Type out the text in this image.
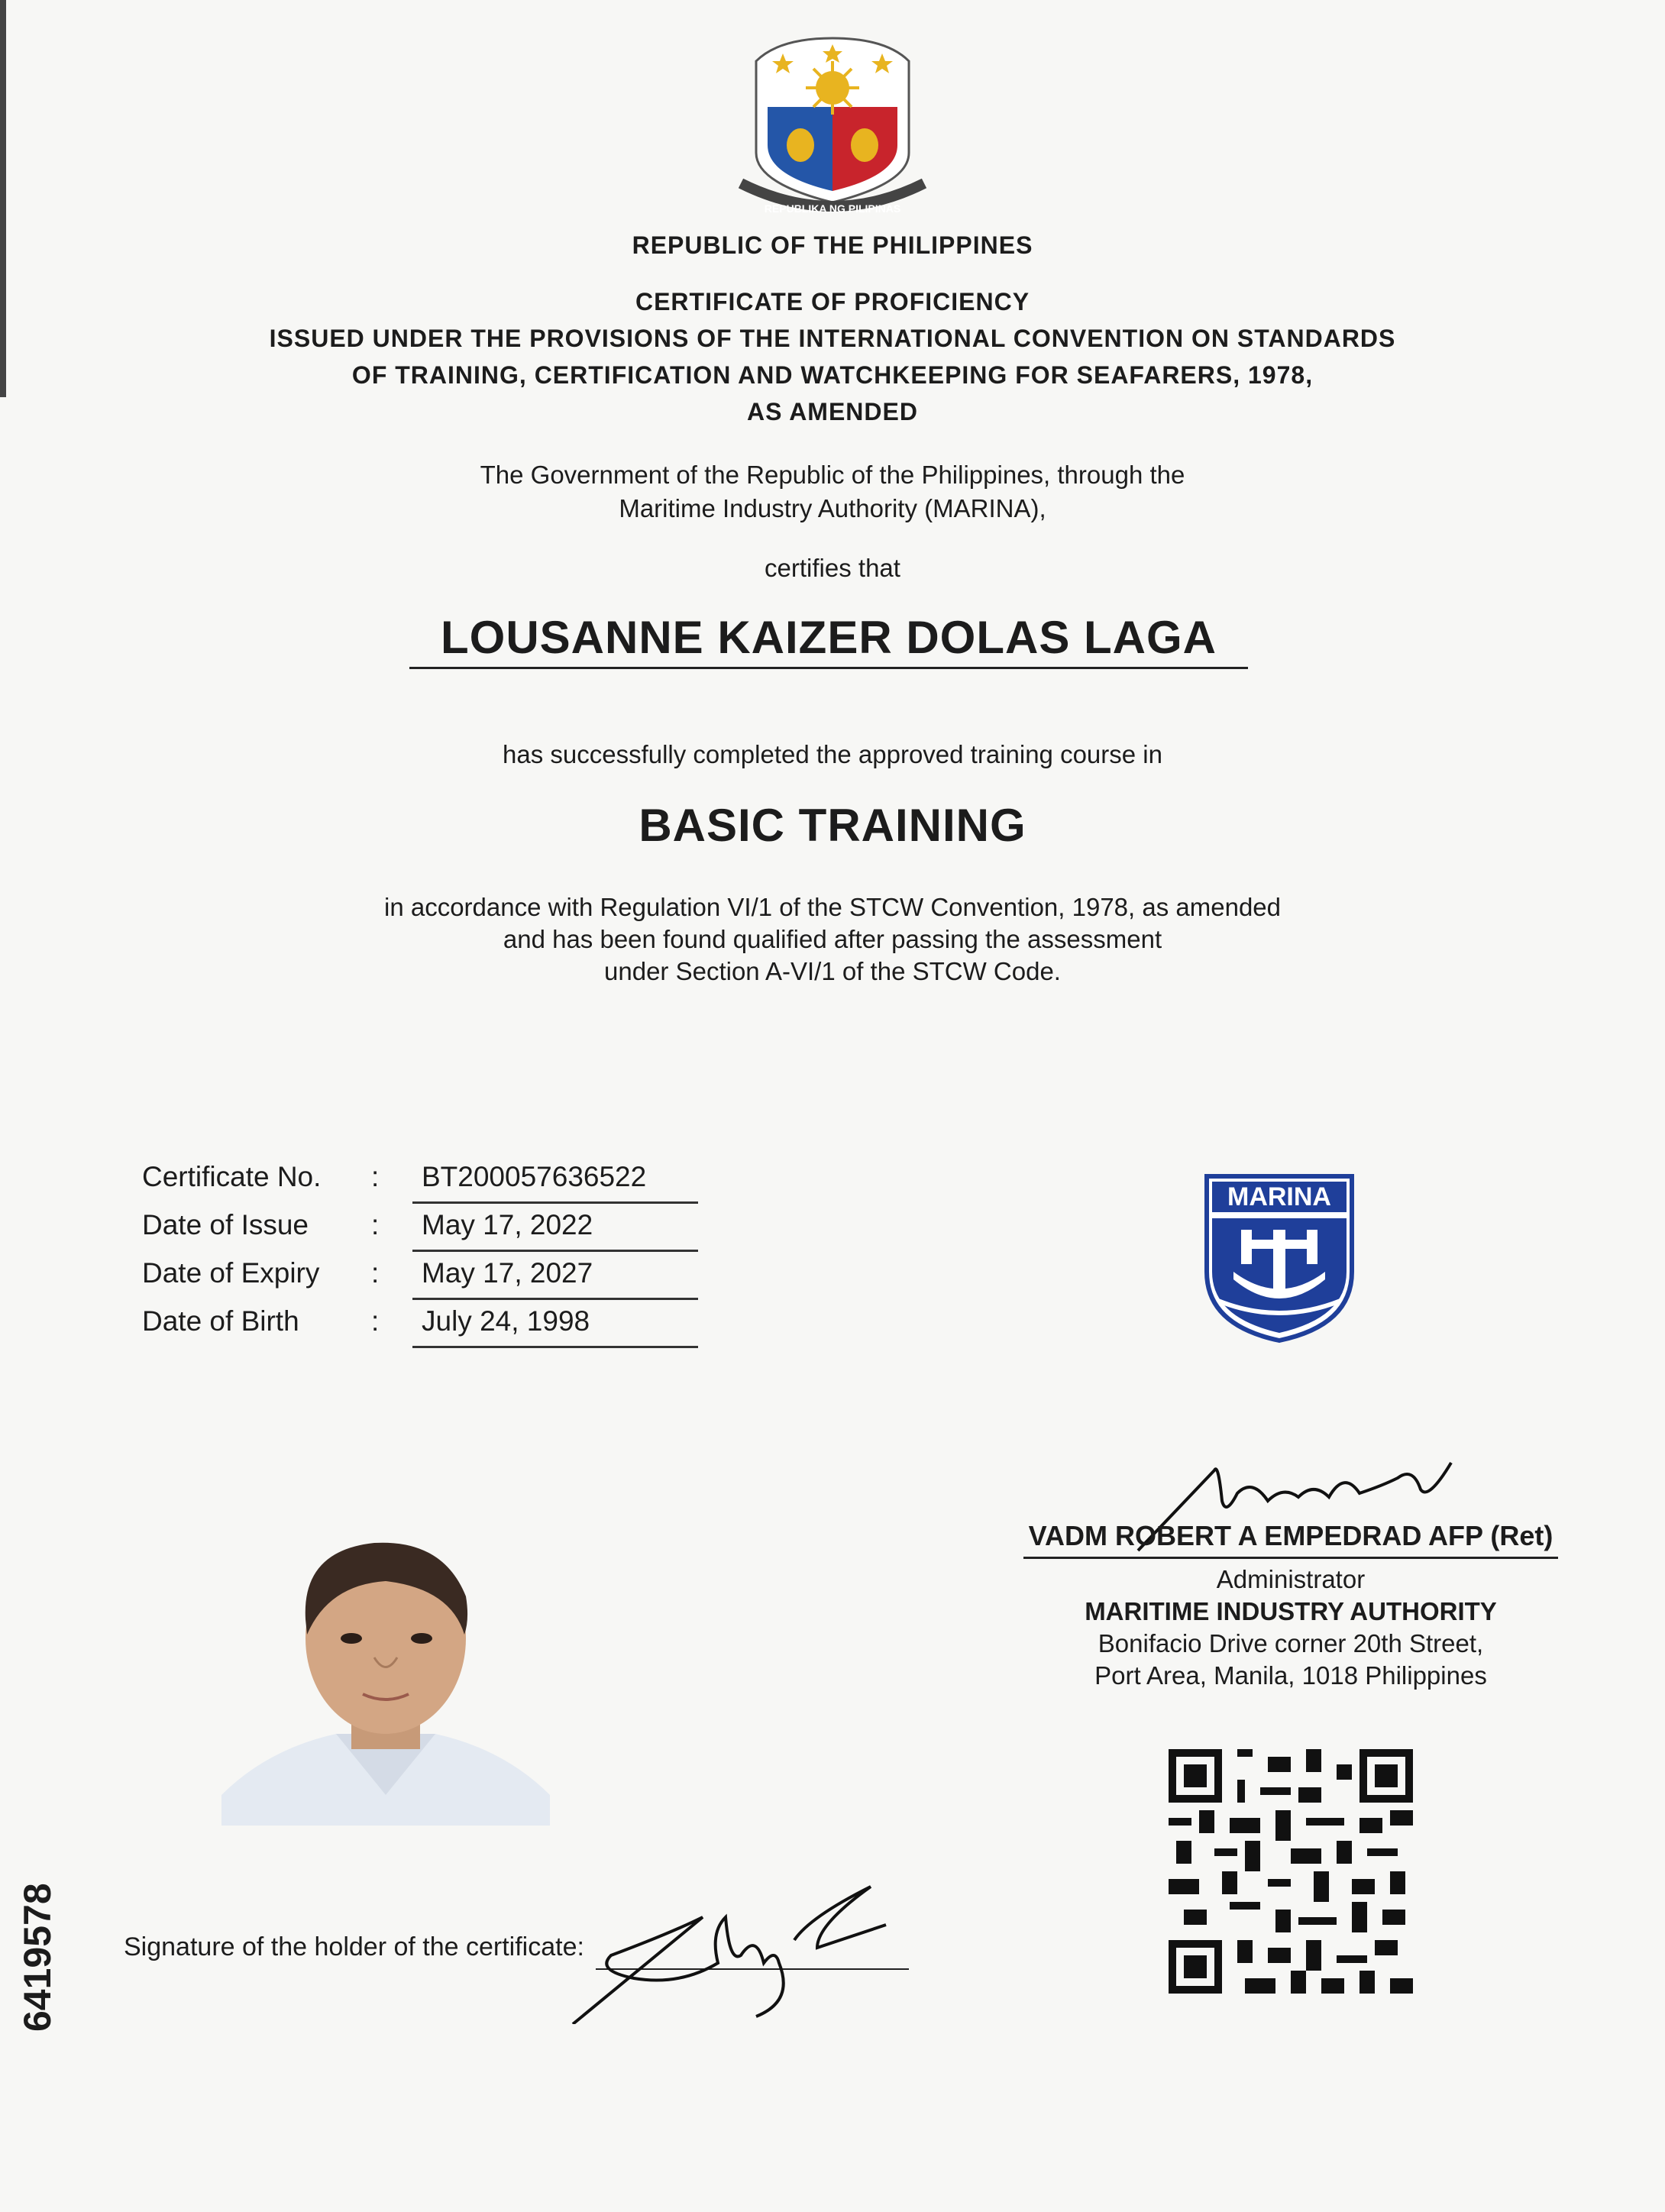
REPUBLIKA NG PILIPINAS
REPUBLIC OF THE PHILIPPINES
CERTIFICATE OF PROFICIENCY
ISSUED UNDER THE PROVISIONS OF THE INTERNATIONAL CONVENTION ON STANDARDS
OF TRAINING, CERTIFICATION AND WATCHKEEPING FOR SEAFARERS, 1978,
AS AMENDED
The Government of the Republic of the Philippines, through the
Maritime Industry Authority (MARINA),
certifies that
LOUSANNE KAIZER DOLAS LAGA
has successfully completed the approved training course in
BASIC TRAINING
in accordance with Regulation VI/1 of the STCW Convention, 1978, as amended
and has been found qualified after passing the assessment
under Section A-VI/1 of the STCW Code.
Certificate No. :	BT200057636522
Date of Issue :	May 17, 2022
Date of Expiry :	May 17, 2027
Date of Birth	:	July 24, 1998
MARINA
VADM ROBERT A EMPEDRAD AFP (Ret)
Administrator
MARITIME INDUSTRY AUTHORITY
Bonifacio Drive corner 20th Street,
Port Area, Manila, 1018 Philippines
Signature of the holder of the certificate:
6419578
